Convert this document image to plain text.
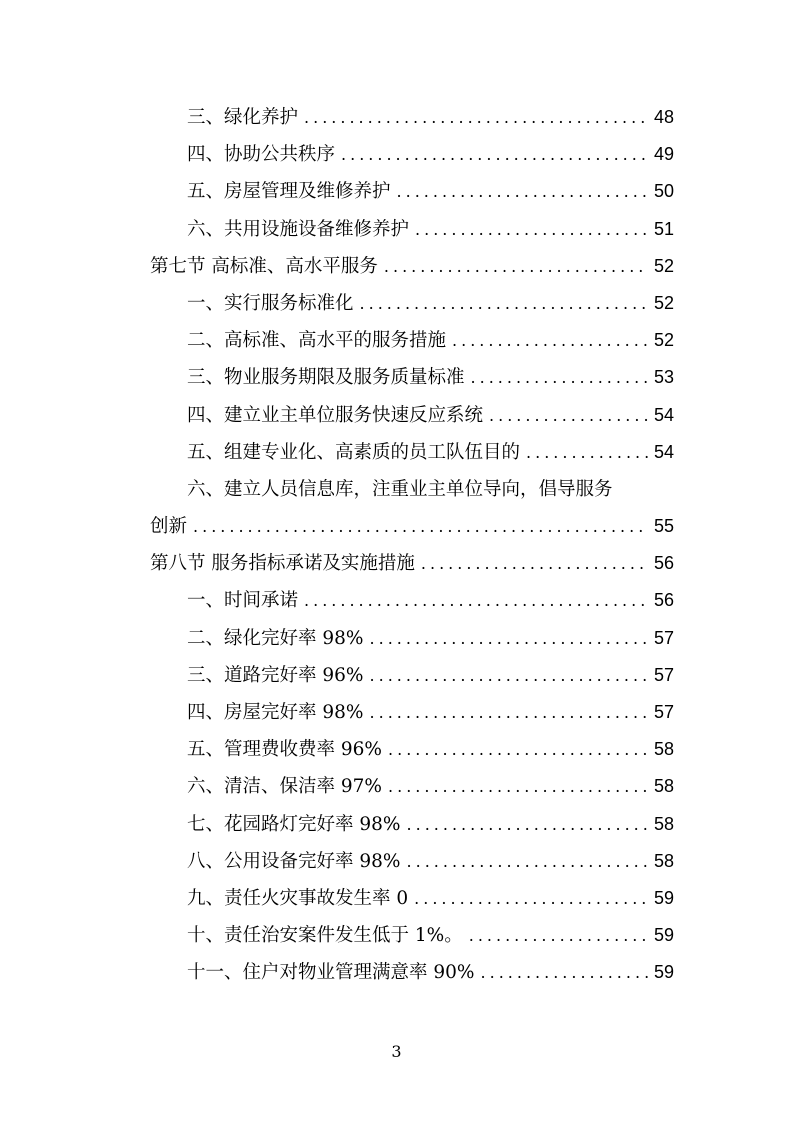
三、绿化养护 .....	48
四、协助公共秩序 .....	49
五、房屋管理及维修养护 .....	50
六、共用设施设备维修养护 .....	51
第七节 高标准、高水平服务 .....	52
一、实行服务标准化 .....	52
二、高标准、高水平的服务措施 .....	52
三、物业服务期限及服务质量标准 .....	53
四、建立业主单位服务快速反应系统 .....	54
五、组建专业化、高素质的员工队伍目的 .....	54
六、建立人员信息库，注重业主单位导向，倡导服务
创新 .....	55
第八节 服务指标承诺及实施措施 .....	56
一、时间承诺 .....	56
二、绿化完好率 98% .....	57
三、道路完好率 96% .....	57
四、房屋完好率 98% .....	57
五、管理费收费率 96% .....	58
六、清洁、保洁率 97% .....	58
七、花园路灯完好率 98% .....	58
八、公用设备完好率 98% .....	58
九、责任火灾事故发生率 0 .....	59
十、责任治安案件发生低于 1%。 .....	59
十一、住户对物业管理满意率 90% .....	59
3
